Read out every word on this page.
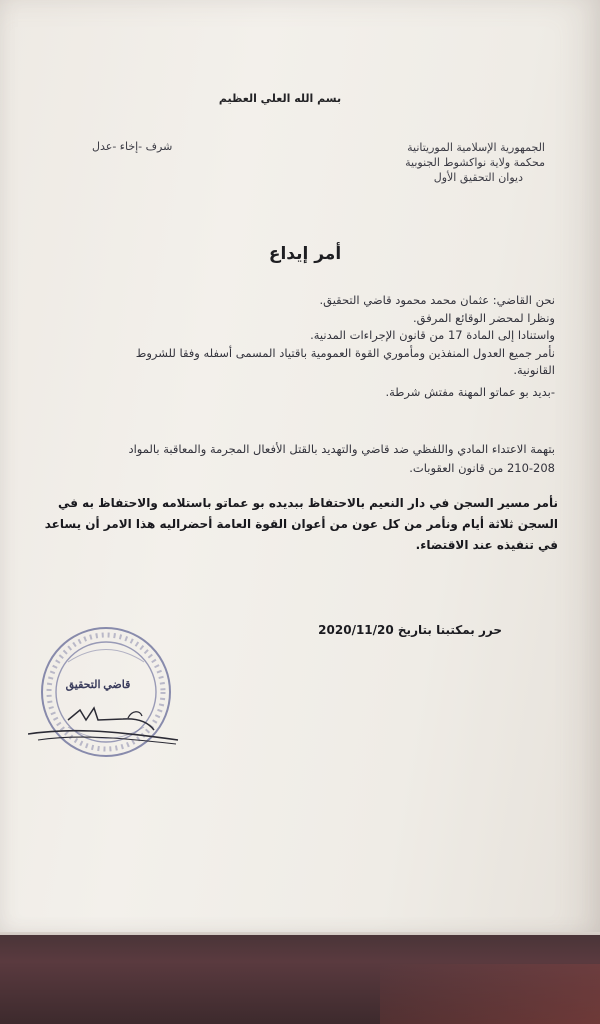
بسم الله العلي العظيم
الجمهورية الإسلامية الموريتانية
محكمة ولاية نواكشوط الجنوبية
ديوان التحقيق الأول
شرف -إخاء -عدل
أمر إيداع

نحن القاضي: عثمان محمد محمود قاضي التحقيق.

ونظرا لمحضر الوقائع المرفق.

واستنادا إلى المادة 17 من قانون الإجراءات المدنية.

نأمر جميع العدول المنفذين ومأموري القوة العمومية باقتياد المسمى أسفله وفقا للشروط

القانونية.

-بديد بو عماتو المهنة مفتش شرطة.

بتهمة الاعتداء المادي واللفظي ضد قاضي والتهديد بالقتل الأفعال المجرمة والمعاقبة بالمواد

210-208 من قانون العقوبات.

نأمر مسير السجن في دار النعيم بالاحتفاظ ببديده بو عماتو باستلامه والاحتفاظ به في

السجن ثلاثة أيام ونأمر من كل عون من أعوان القوة العامة أحضراليه هذا الامر أن يساعد

في تنفيذه عند الاقتضاء.

حرر بمكتبنا بتاريخ 2020/11/20
قاضي التحقيق
